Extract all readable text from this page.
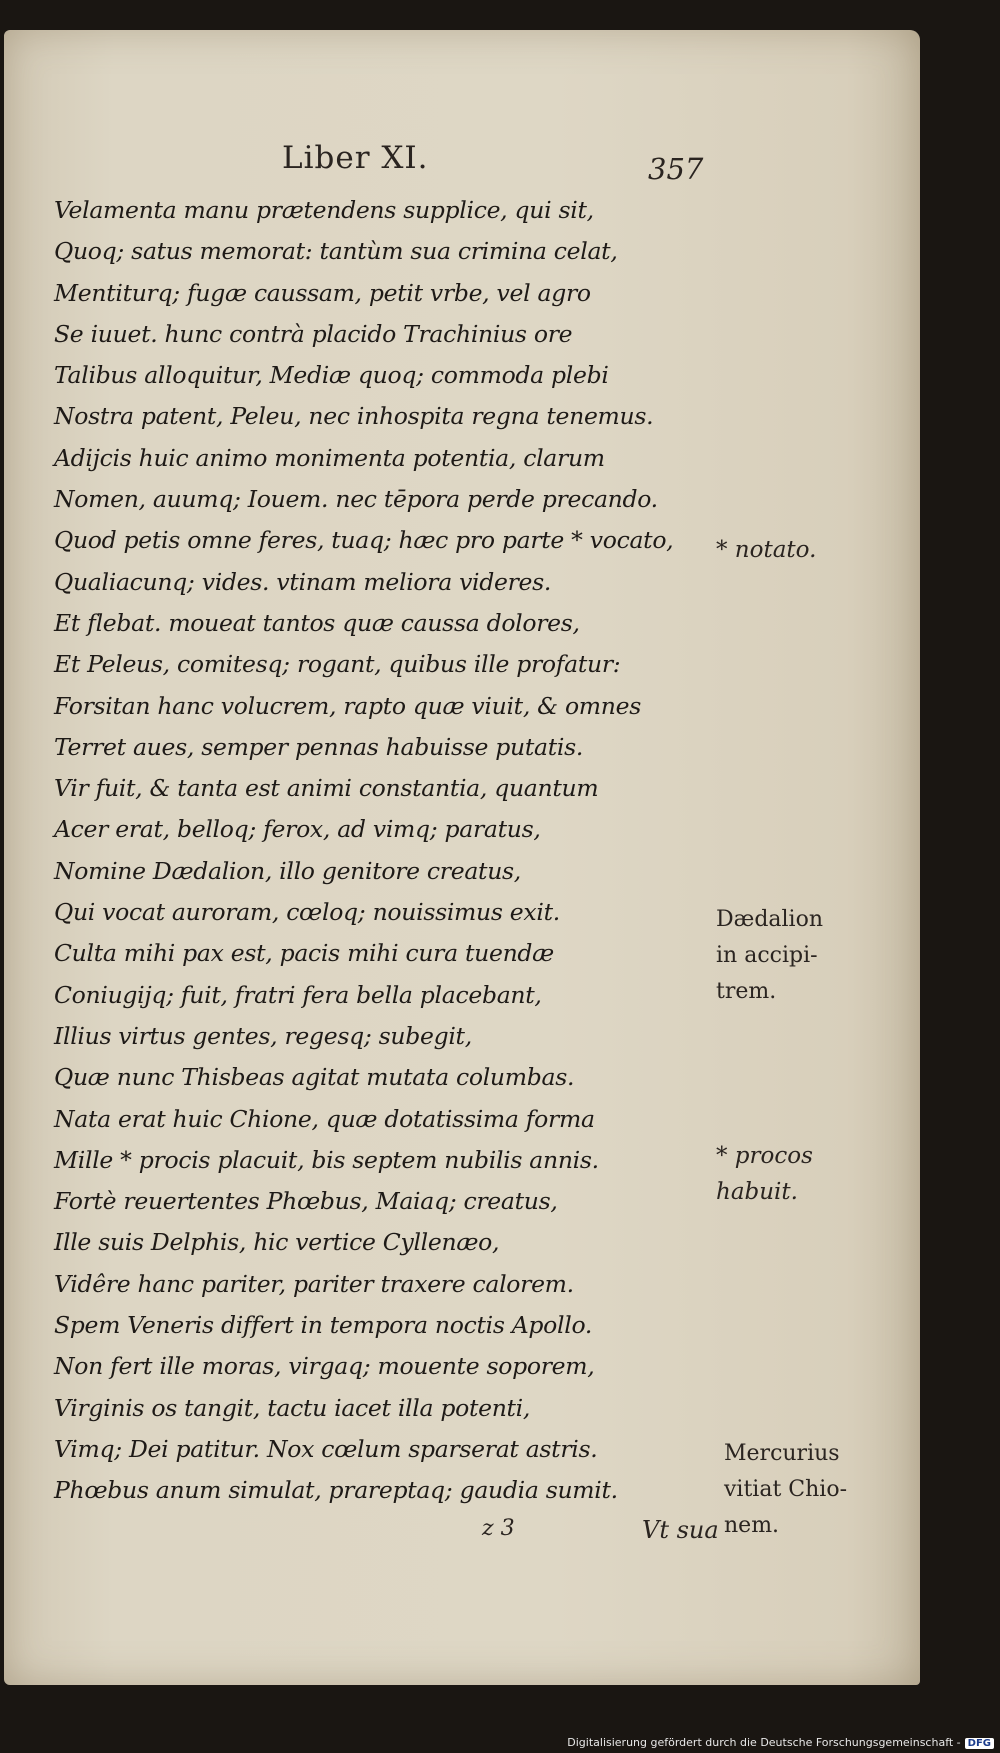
Liber XI.	357
Velamenta manu prætendens supplice, qui sit,
Quoq; satus memorat: tantùm sua crimina celat,
Mentiturq; fugæ caussam, petit vrbe, vel agro
Se iuuet. hunc contrà placido Trachinius ore
Talibus alloquitur, Mediæ quoq; commoda plebi
Nostra patent, Peleu, nec inhospita regna tenemus.
Adijcis huic animo monimenta potentia, clarum
Nomen, auumq; Iouem. nec tēpora perde precando.
Quod petis omne feres, tuaq; hæc pro parte * vocato,
Qualiacunq; vides. vtinam meliora videres.
Et flebat. moueat tantos quæ caussa dolores,
Et Peleus, comitesq; rogant, quibus ille profatur:
Forsitan hanc volucrem, rapto quæ viuit, & omnes
Terret aues, semper pennas habuisse putatis.
Vir fuit, & tanta est animi constantia, quantum
Acer erat, belloq; ferox, ad vimq; paratus,
Nomine Dædalion, illo genitore creatus,
Qui vocat auroram, cœloq; nouissimus exit.
Culta mihi pax est, pacis mihi cura tuendæ
Coniugijq; fuit, fratri fera bella placebant,
Illius virtus gentes, regesq; subegit,
Quæ nunc Thisbeas agitat mutata columbas.
Nata erat huic Chione, quæ dotatissima forma
Mille * procis placuit, bis septem nubilis annis.
Fortè reuertentes Phœbus, Maiaq; creatus,
Ille suis Delphis, hic vertice Cyllenæo,
Vidêre hanc pariter, pariter traxere calorem.
Spem Veneris differt in tempora noctis Apollo.
Non fert ille moras, virgaq; mouente soporem,
Virginis os tangit, tactu iacet illa potenti,
Vimq; Dei patitur. Nox cœlum sparserat astris.
Phœbus anum simulat, prareptaq; gaudia sumit.
* notato.
Dædalion
in accipi-
trem.
* procos
habuit.
Mercurius
vitiat Chio-
nem.
z 3	Vt sua
Digitalisierung gefördert durch die Deutsche Forschungsgemeinschaft - DFG
